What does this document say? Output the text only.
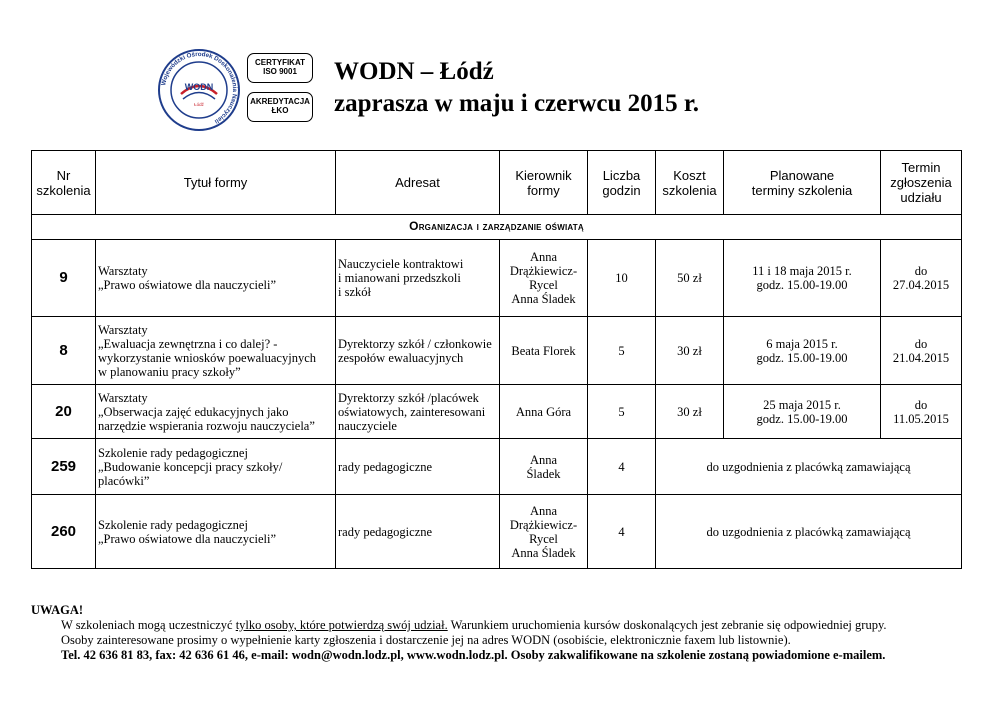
Wojewódzki Ośrodek Doskonalenia Nauczycieli
WODN
Łódź
CERTYFIKAT
ISO 9001
AKREDYTACJA
ŁKO
WODN – Łódź
zaprasza w maju i czerwcu 2015 r.
Nr
szkolenia	Tytuł formy	Adresat	Kierownik
formy	Liczba
godzin	Koszt
szkolenia	Planowane
terminy szkolenia	Termin
zgłoszenia
udziału
Organizacja i zarządzanie oświatą							
9	Warsztaty
„Prawo oświatowe dla nauczycieli”	Nauczyciele kontraktowi
i mianowani przedszkoli
i szkół	Anna
Drążkiewicz-
Rycel
Anna Śladek	10	50 zł	11 i 18 maja 2015 r.
godz. 15.00-19.00	do
27.04.2015
8	Warsztaty
„Ewaluacja zewnętrzna i co dalej? -
wykorzystanie wniosków poewaluacyjnych
w planowaniu pracy szkoły”	Dyrektorzy szkół / członkowie
zespołów ewaluacyjnych	Beata Florek	5	30 zł	6 maja 2015 r.
godz. 15.00-19.00	do
21.04.2015
20	Warsztaty
„Obserwacja zajęć edukacyjnych jako
narzędzie wspierania rozwoju nauczyciela”	Dyrektorzy szkół /placówek
oświatowych, zainteresowani
nauczyciele	Anna Góra	5	30 zł	25 maja 2015 r.
godz. 15.00-19.00	do
11.05.2015
259	Szkolenie rady pedagogicznej
„Budowanie koncepcji pracy szkoły/
placówki”	rady pedagogiczne	Anna
Śladek	4	do uzgodnienia z placówką zamawiającą		
260	Szkolenie rady pedagogicznej
„Prawo oświatowe dla nauczycieli”	rady pedagogiczne	Anna
Drążkiewicz-
Rycel
Anna Śladek	4	do uzgodnienia z placówką zamawiającą		
UWAGA!
W szkoleniach mogą uczestniczyć tylko osoby, które potwierdzą swój udział. Warunkiem uruchomienia kursów doskonalących jest zebranie się odpowiedniej grupy.
Osoby zainteresowane prosimy o wypełnienie karty zgłoszenia i dostarczenie jej na adres WODN (osobiście, elektronicznie faxem lub listownie).
Tel. 42 636 81 83, fax: 42 636 61 46, e-mail: wodn@wodn.lodz.pl, www.wodn.lodz.pl. Osoby zakwalifikowane na szkolenie zostaną powiadomione e-mailem.
